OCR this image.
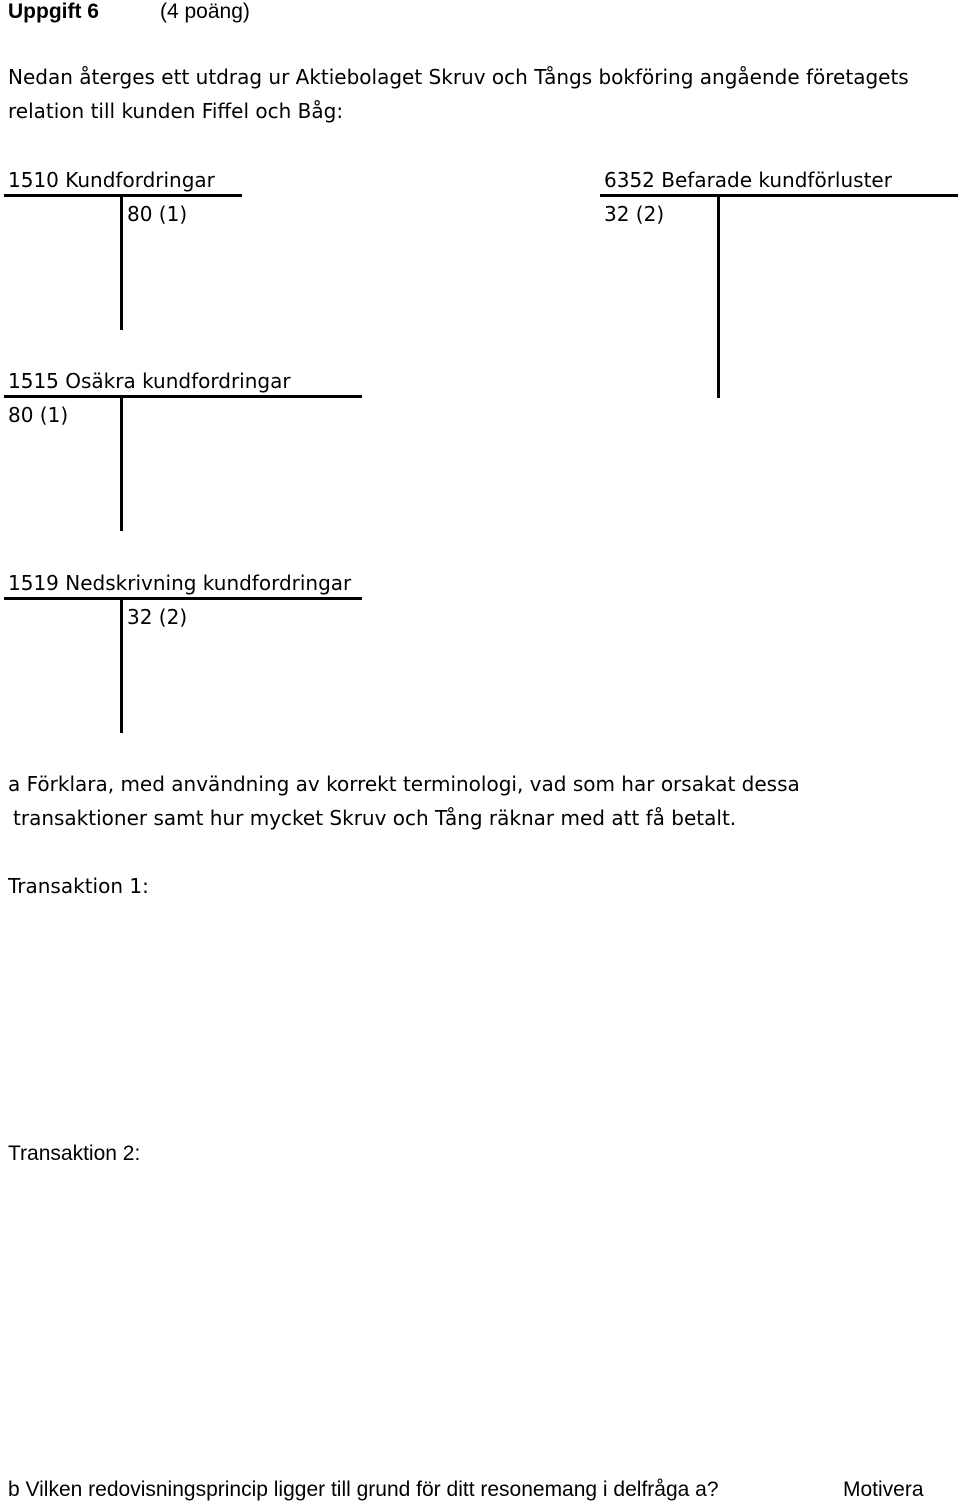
Uppgift 6	(4 poäng)
Nedan återges ett utdrag ur Aktiebolaget Skruv och Tångs bokföring angående företagets
relation till kunden Fiffel och Båg:
1510 Kundfordringar
80 (1)
6352 Befarade kundförluster
32 (2)
1515 Osäkra kundfordringar
80 (1)
1519 Nedskrivning kundfordringar
32 (2)
a Förklara, med användning av korrekt terminologi, vad som har orsakat dessa
transaktioner samt hur mycket Skruv och Tång räknar med att få betalt.
Transaktion 1:
Transaktion 2:
b Vilken redovisningsprincip ligger till grund för ditt resonemang i delfråga a?	Motivera
